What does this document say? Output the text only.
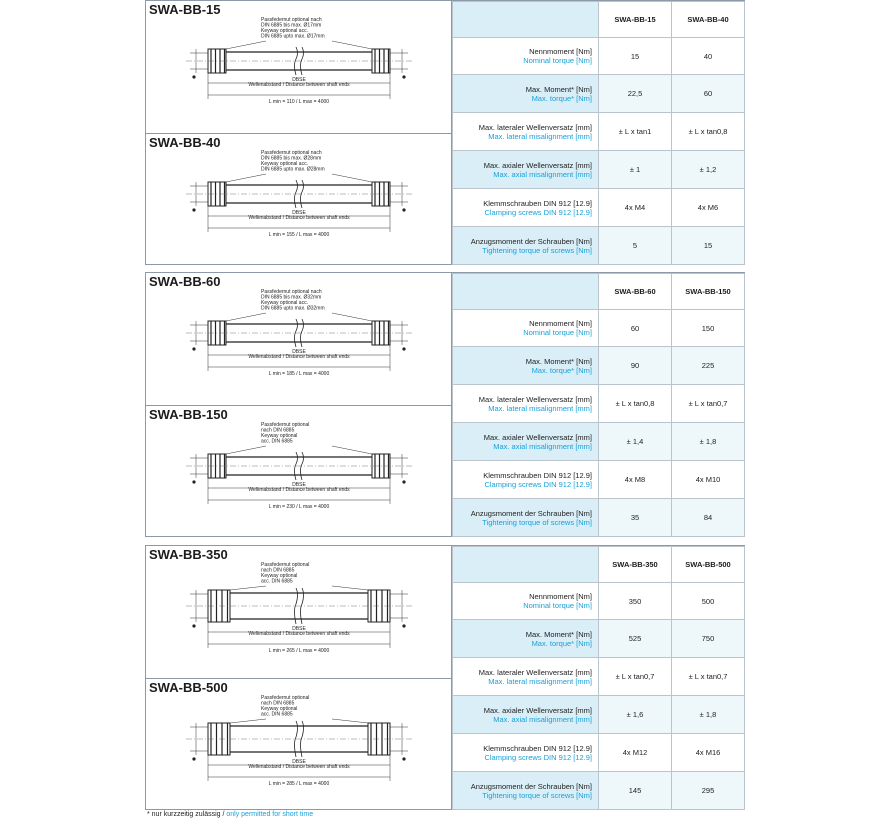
SWA-BB-15
Passfedernut optional nach
DIN 6885 bis max. Ø17mm
Keyway optional acc.
DIN 6885 upto max. Ø17mm
DBSE
Wellenabstand / Distance between shaft ends
L min = 110 / L max = 4000
SWA-BB-40
Passfedernut optional nach
DIN 6885 bis max. Ø28mm
Keyway optional acc.
DIN 6885 upto max. Ø28mm
DBSE
Wellenabstand / Distance between shaft ends
L min = 155 / L max = 4000
	SWA-BB-15	SWA-BB-40

Nennmoment [Nm]
Nominal torque [Nm]	15	40

Max. Moment* [Nm]
Max. torque* [Nm]	22,5	60

Max. lateraler Wellenversatz [mm]
Max. lateral misalignment [mm]	± L x tan1	± L x tan0,8

Max. axialer Wellenversatz [mm]
Max. axial misalignment [mm]	± 1	± 1,2

Klemmschrauben DIN 912 [12.9]
Clamping screws DIN 912 [12.9]	4x M4	4x M6

Anzugsmoment der Schrauben [Nm]
Tightening torque of screws [Nm]	5	15
SWA-BB-60
Passfedernut optional nach
DIN 6885 bis max. Ø32mm
Keyway optional acc.
DIN 6885 upto max. Ø32mm
DBSE
Wellenabstand / Distance between shaft ends
L min = 185 / L max = 4000
SWA-BB-150
Passfedernut optional
nach DIN 6885
Keyway optional
acc. DIN 6885
DBSE
Wellenabstand / Distance between shaft ends
L min = 230 / L max = 4000
	SWA-BB-60	SWA-BB-150

Nennmoment [Nm]
Nominal torque [Nm]	60	150

Max. Moment* [Nm]
Max. torque* [Nm]	90	225

Max. lateraler Wellenversatz [mm]
Max. lateral misalignment [mm]	± L x tan0,8	± L x tan0,7

Max. axialer Wellenversatz [mm]
Max. axial misalignment [mm]	± 1,4	± 1,8

Klemmschrauben DIN 912 [12.9]
Clamping screws DIN 912 [12.9]	4x M8	4x M10

Anzugsmoment der Schrauben [Nm]
Tightening torque of screws [Nm]	35	84
SWA-BB-350
Passfedernut optional
nach DIN 6885
Keyway optional
acc. DIN 6885
DBSE
Wellenabstand / Distance between shaft ends
L min = 265 / L max = 4000
SWA-BB-500
Passfedernut optional
nach DIN 6885
Keyway optional
acc. DIN 6885
DBSE
Wellenabstand / Distance between shaft ends
L min = 285 / L max = 4000
	SWA-BB-350	SWA-BB-500

Nennmoment [Nm]
Nominal torque [Nm]	350	500

Max. Moment* [Nm]
Max. torque* [Nm]	525	750

Max. lateraler Wellenversatz [mm]
Max. lateral misalignment [mm]	± L x tan0,7	± L x tan0,7

Max. axialer Wellenversatz [mm]
Max. axial misalignment [mm]	± 1,6	± 1,8

Klemmschrauben DIN 912 [12.9]
Clamping screws DIN 912 [12.9]	4x M12	4x M16

Anzugsmoment der Schrauben [Nm]
Tightening torque of screws [Nm]	145	295
* nur kurzzeitig zulässig / only permitted for short time
